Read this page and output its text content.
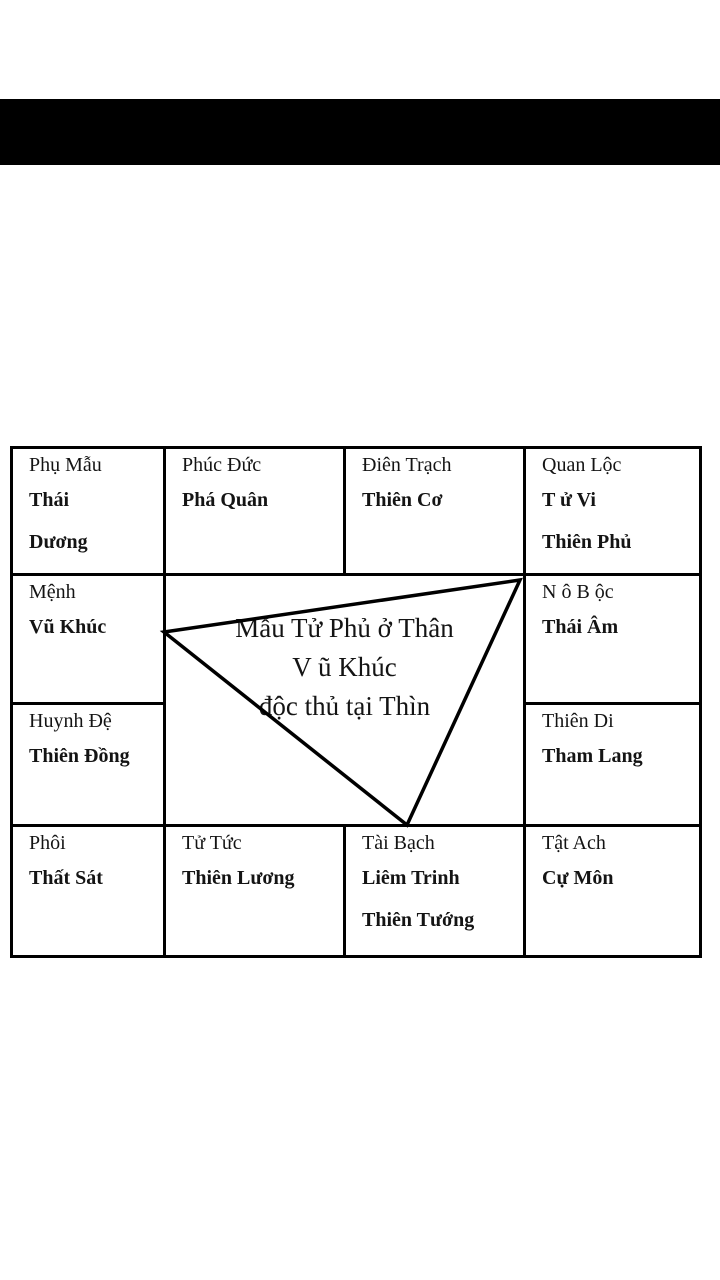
Phụ Mẫu
Thái
Dương
Phúc Đức
Phá Quân
Điên Trạch
Thiên Cơ
Quan Lộc
T ử Vi
Thiên Phủ
Mệnh
Vũ Khúc	Mẫu Tử Phủ ở Thân
V ũ Khúc
độc thủ tại Thìn
N ô B ộc
Thái Âm
Huynh Đệ
Thiên Đồng
Thiên Di
Tham Lang
Phôi
Thất Sát
Tử Tức
Thiên Lương
Tài Bạch
Liêm Trinh
Thiên Tướng
Tật Ach
Cự Môn
